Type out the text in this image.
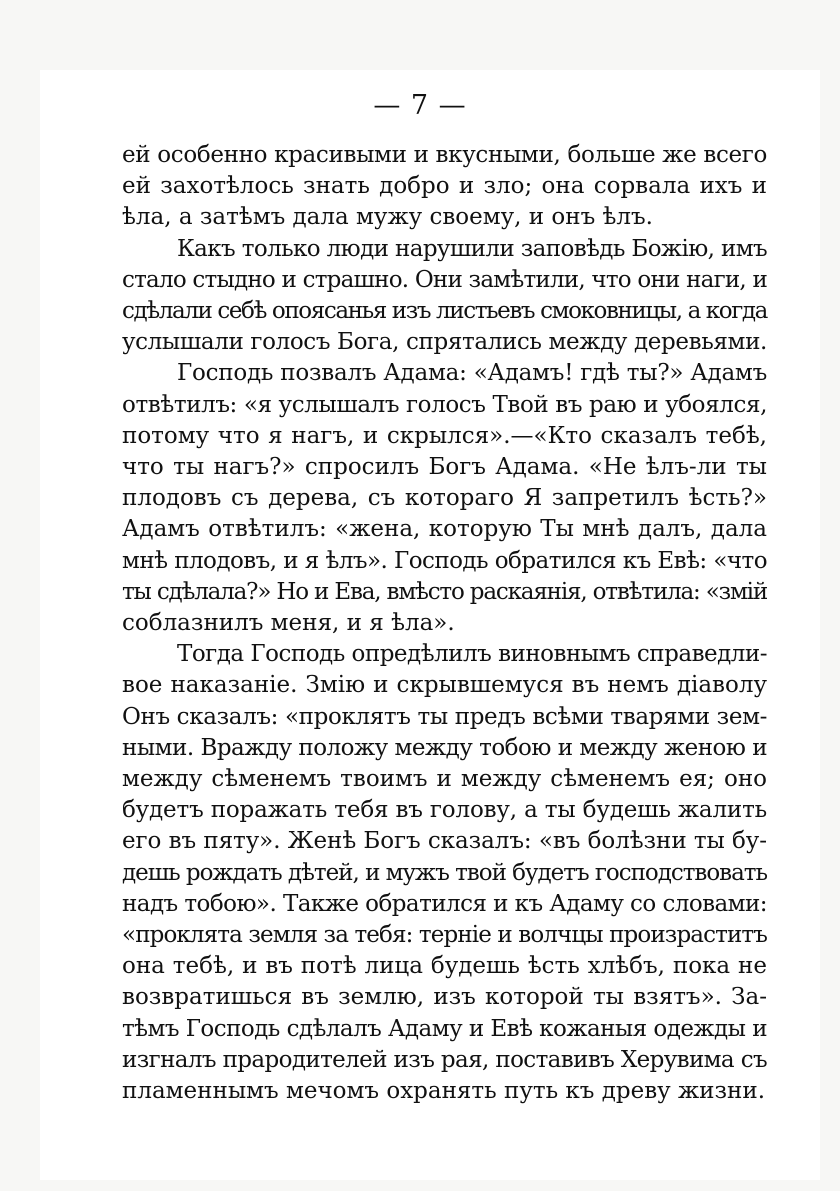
— 7 —
ей особенно красивыми и вкусными, больше же всего
ей захотѣлось знать добро и зло; она сорвала ихъ и
ѣла, а затѣмъ дала мужу своему, и онъ ѣлъ.
Какъ только люди нарушили заповѣдь Божiю, имъ
стало стыдно и страшно. Они замѣтили, что они наги, и
сдѣлали себѣ опоясанья изъ листьевъ смоковницы, а когда
услышали голосъ Бога, спрятались между деревьями.
Господь позвалъ Адама: «Адамъ! гдѣ ты?» Адамъ
отвѣтилъ: «я услышалъ голосъ Твой въ раю и убоялся,
потому что я нагъ, и скрылся».—«Кто сказалъ тебѣ,
что ты нагъ?» спросилъ Богъ Адама. «Не ѣлъ-ли ты
плодовъ съ дерева, съ котораго Я запретилъ ѣсть?»
Адамъ отвѣтилъ: «жена, которую Ты мнѣ далъ, дала
мнѣ плодовъ, и я ѣлъ». Господь обратился къ Евѣ: «что
ты сдѣлала?» Но и Ева, вмѣсто раскаянiя, отвѣтила: «змiй
соблазнилъ меня, и я ѣла».
Тогда Господь опредѣлилъ виновнымъ справедли-
вое наказанiе. Змiю и скрывшемуся въ немъ дiаволу
Онъ сказалъ: «проклятъ ты предъ всѣми тварями зем-
ными. Вражду положу между тобою и между женою и
между сѣменемъ твоимъ и между сѣменемъ ея; оно
будетъ поражать тебя въ голову, а ты будешь жалить
его въ пяту». Женѣ Богъ сказалъ: «въ болѣзни ты бу-
дешь рождать дѣтей, и мужъ твой будетъ господствовать
надъ тобою». Также обратился и къ Адаму со словами:
«проклята земля за тебя: тернiе и волчцы произраститъ
она тебѣ, и въ потѣ лица будешь ѣсть хлѣбъ, пока не
возвратишься въ землю, изъ которой ты взятъ». За-
тѣмъ Господь сдѣлалъ Адаму и Евѣ кожаныя одежды и
изгналъ прародителей изъ рая, поставивъ Херувима съ
пламеннымъ мечомъ охранять путь къ древу жизни.
